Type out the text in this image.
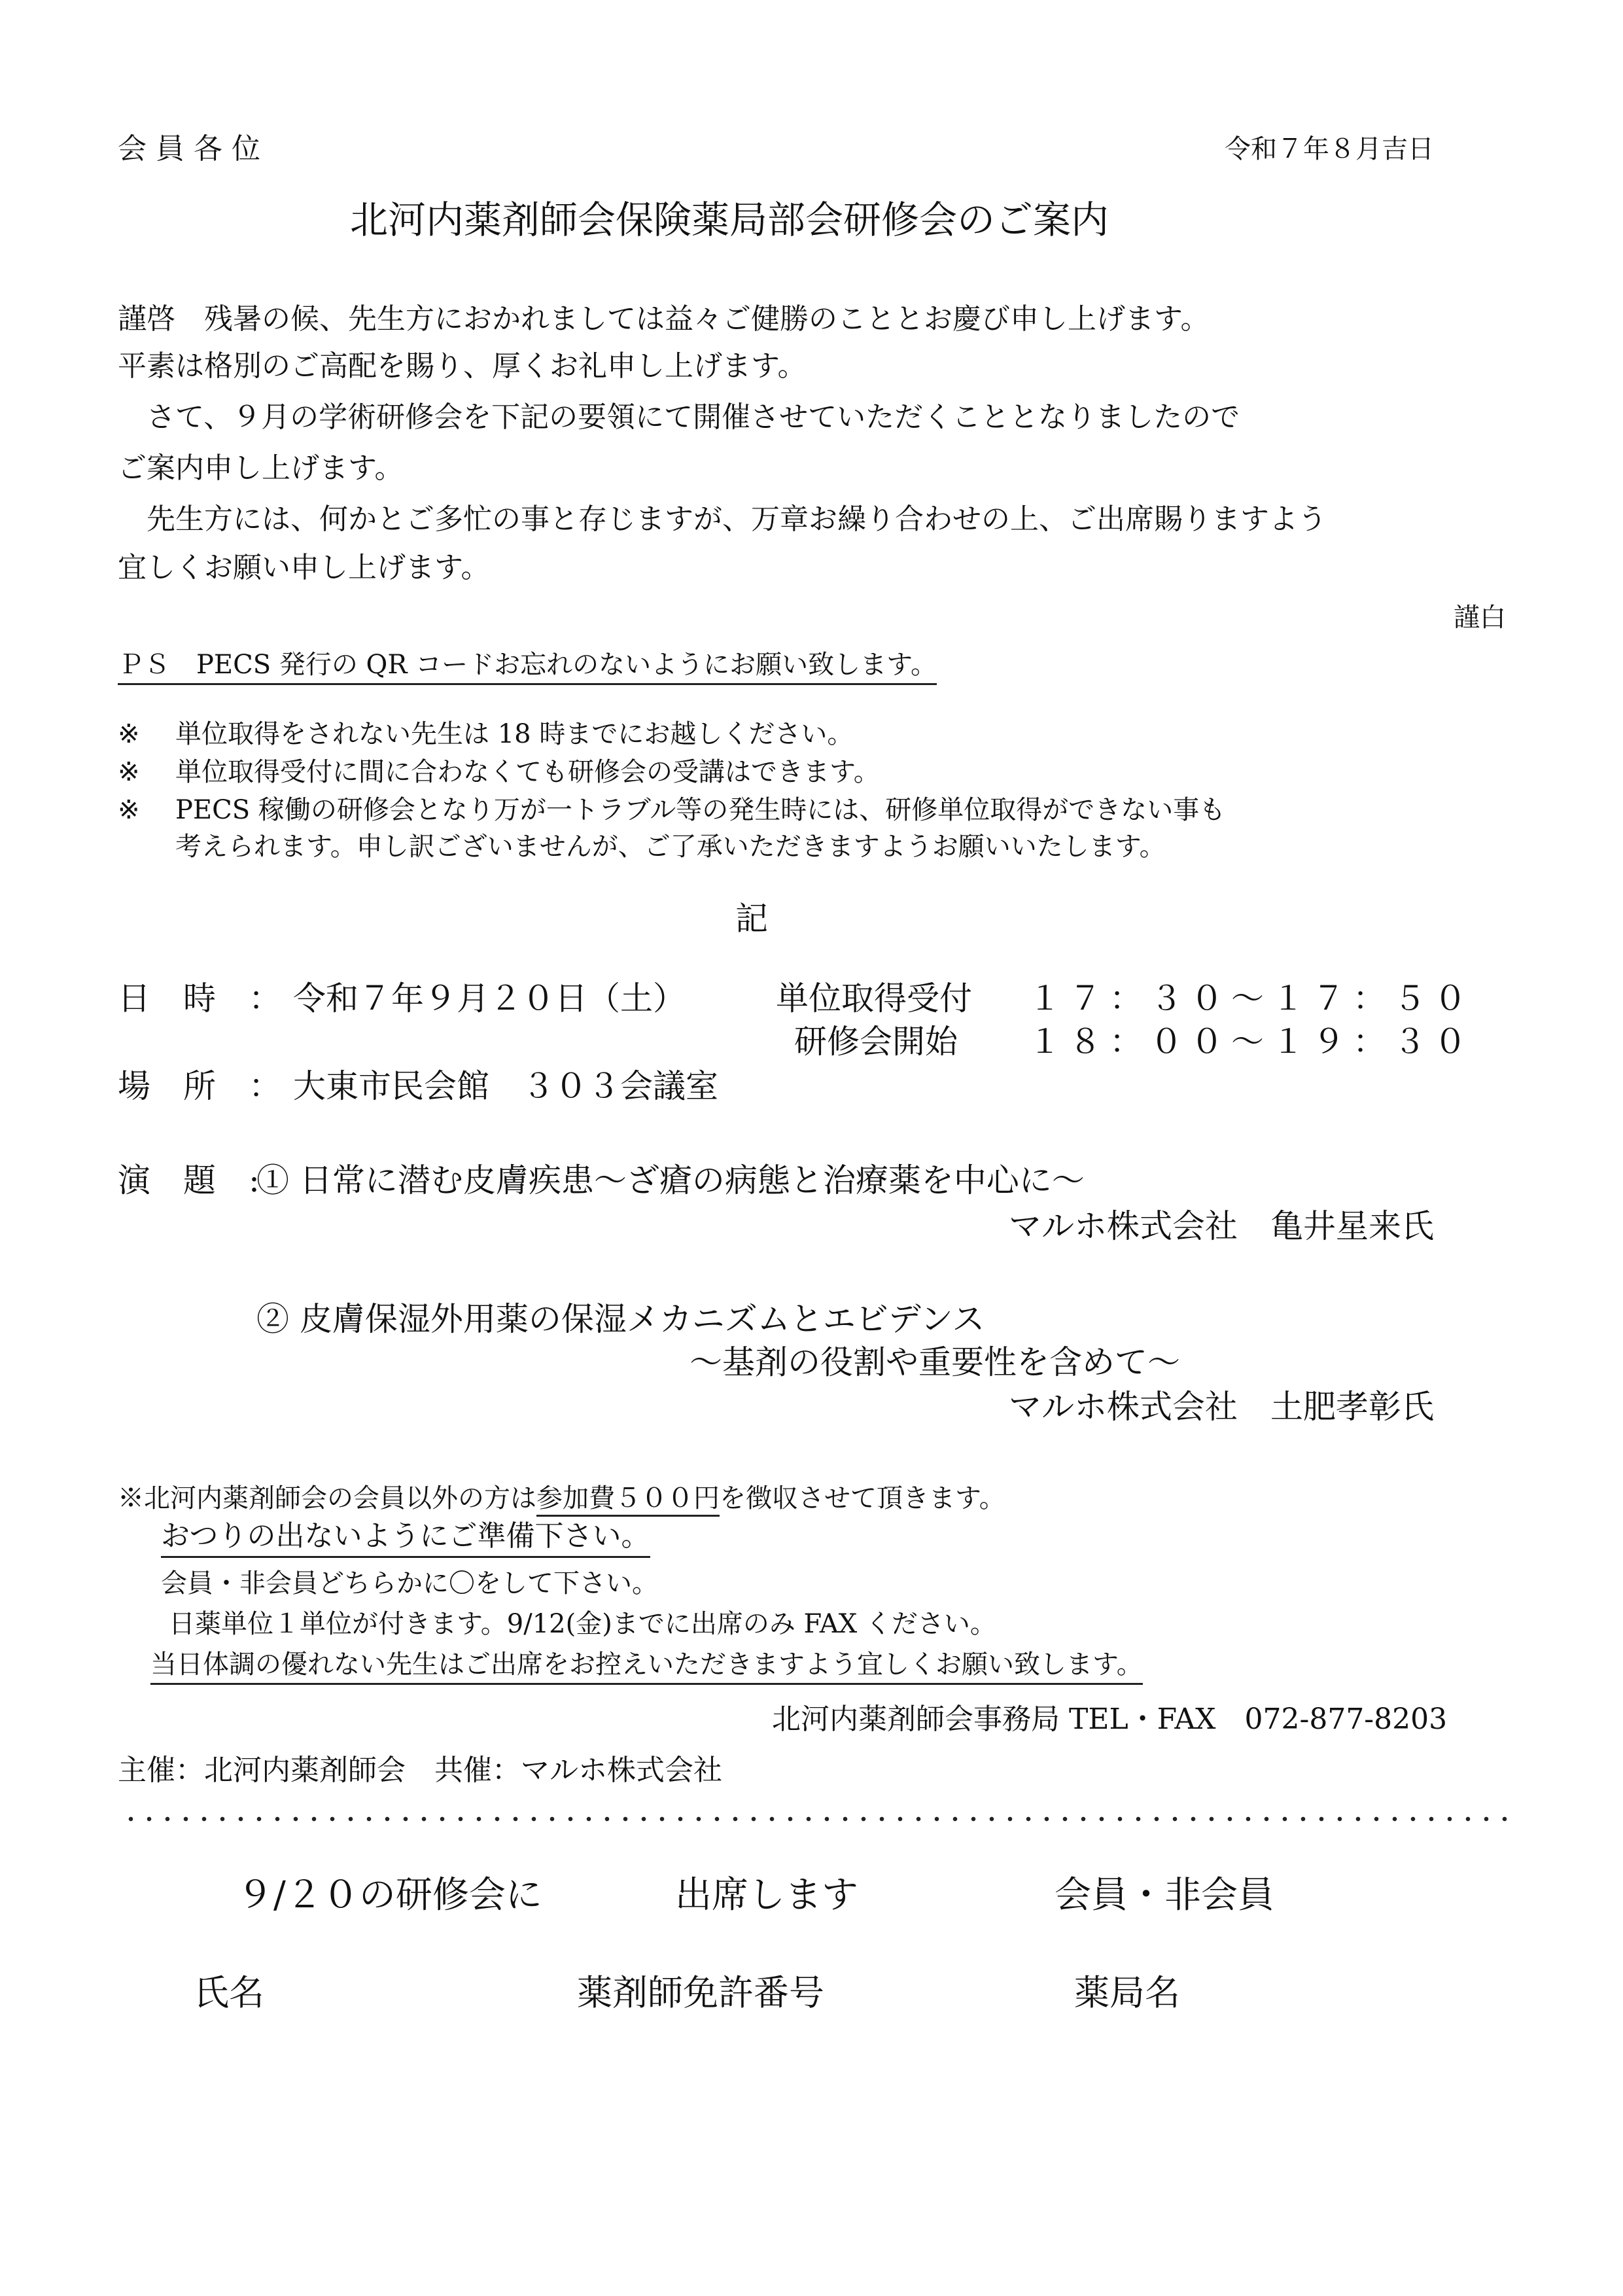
会 員 各 位	令和７年８月吉日
北河内薬剤師会保険薬局部会研修会のご案内
謹啓　残暑の候、先生方におかれましては益々ご健勝のこととお慶び申し上げます。
平素は格別のご高配を賜り、厚くお礼申し上げます。
　さて、９月の学術研修会を下記の要領にて開催させていただくこととなりましたので
ご案内申し上げます。
　先生方には、何かとご多忙の事と存じますが、万章お繰り合わせの上、ご出席賜りますよう
宜しくお願い申し上げます。
謹白
ＰＳ　PECS 発行の QR コードお忘れのないようにお願い致します。
※ 単位取得をされない先生は 18 時までにお越しください。
※ 単位取得受付に間に合わなくても研修会の受講はできます。
※ PECS 稼働の研修会となり万が一トラブル等の発生時には、研修単位取得ができない事も
考えられます。申し訳ございませんが、ご了承いただきますようお願いいたします。
記
日　時　： 令和７年９月２０日（土）	単位取得受付 １７：３０～１７：５０
研修会開始 １８：００～１９：３０
場　所　： 大東市民会館　３０３会議室
演　題　:
① 日常に潜む皮膚疾患～ざ瘡の病態と治療薬を中心に～
マルホ株式会社　亀井星来氏
② 皮膚保湿外用薬の保湿メカニズムとエビデンス
～基剤の役割や重要性を含めて～
マルホ株式会社　土肥孝彰氏
※北河内薬剤師会の会員以外の方は参加費５００円を徴収させて頂きます。
おつりの出ないようにご準備下さい。
会員・非会員どちらかに〇をして下さい。
日薬単位１単位が付きます。9/12(金)までに出席のみ FAX ください。
当日体調の優れない先生はご出席をお控えいただきますよう宜しくお願い致します。
北河内薬剤師会事務局 TEL・FAX　072-877-8203
主催：北河内薬剤師会　共催：マルホ株式会社
９/２０の研修会に	出席します	会員・非会員
氏名	薬剤師免許番号	薬局名
